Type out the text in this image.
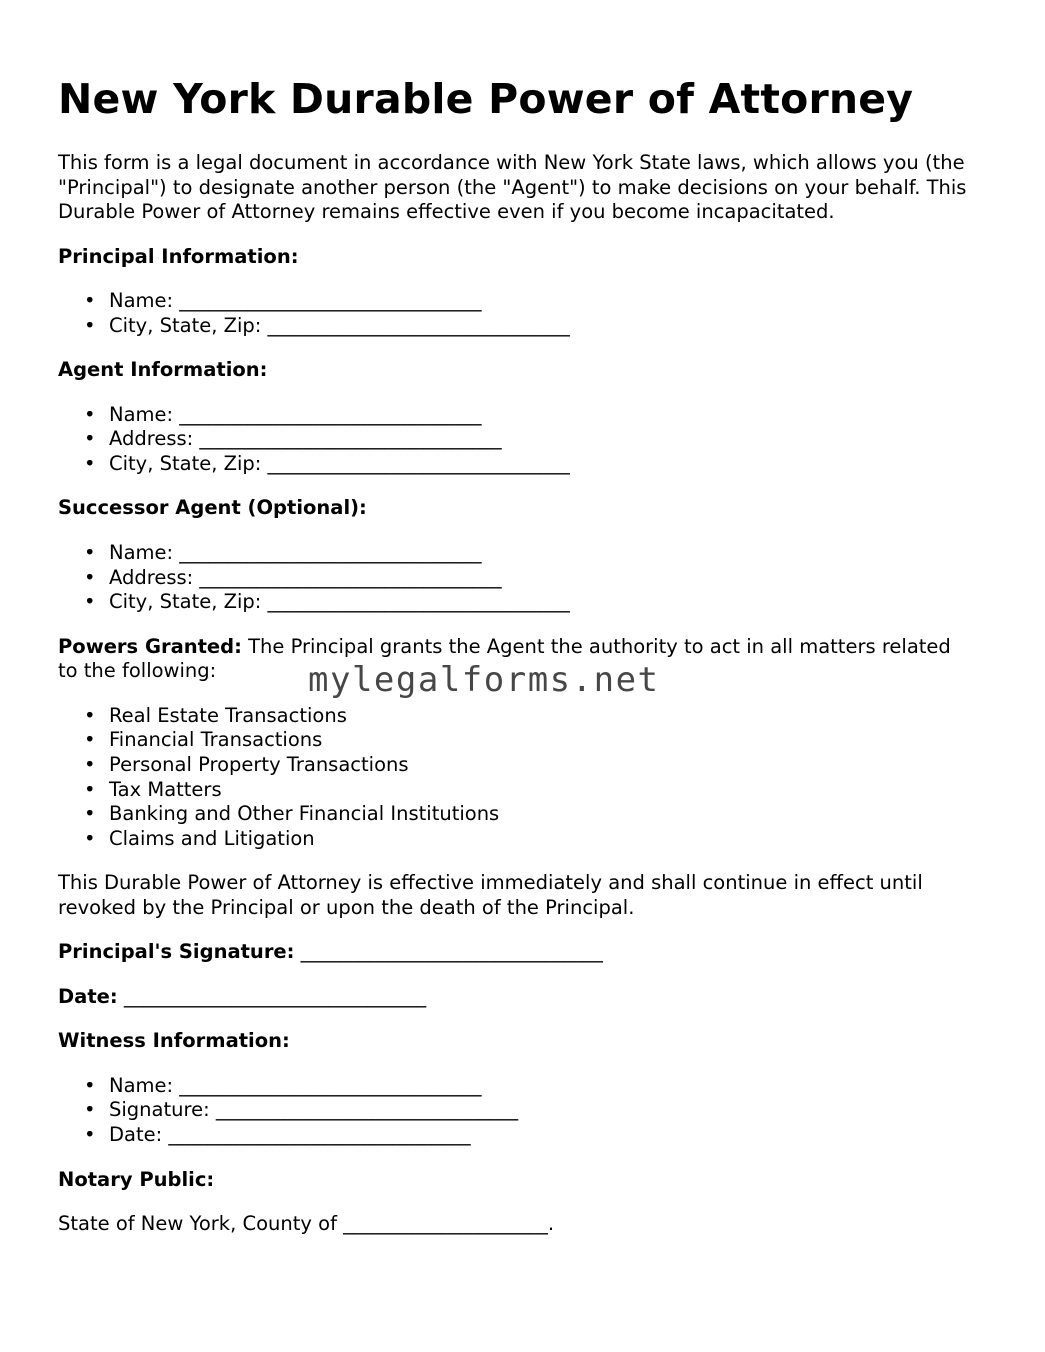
New York Durable Power of Attorney

This form is a legal document in accordance with New York State laws, which allows you (the "Principal") to designate another person (the "Agent") to make decisions on your behalf. This Durable Power of Attorney remains effective even if you become incapacitated.

Principal Information:

• Name: _______________________________
• City, State, Zip: _______________________________

Agent Information:

• Name: _______________________________
• Address: _______________________________
• City, State, Zip: _______________________________

Successor Agent (Optional):

• Name: _______________________________
• Address: _______________________________
• City, State, Zip: _______________________________

Powers Granted: The Principal grants the Agent the authority to act in all matters related to the following:

• Real Estate Transactions
• Financial Transactions
• Personal Property Transactions
• Tax Matters
• Banking and Other Financial Institutions
• Claims and Litigation

This Durable Power of Attorney is effective immediately and shall continue in effect until revoked by the Principal or upon the death of the Principal.

Principal's Signature: _______________________________

Date: _______________________________

Witness Information:

• Name: _______________________________
• Signature: _______________________________
• Date: _______________________________

Notary Public:

State of New York, County of _____________________.

mylegalforms.net
